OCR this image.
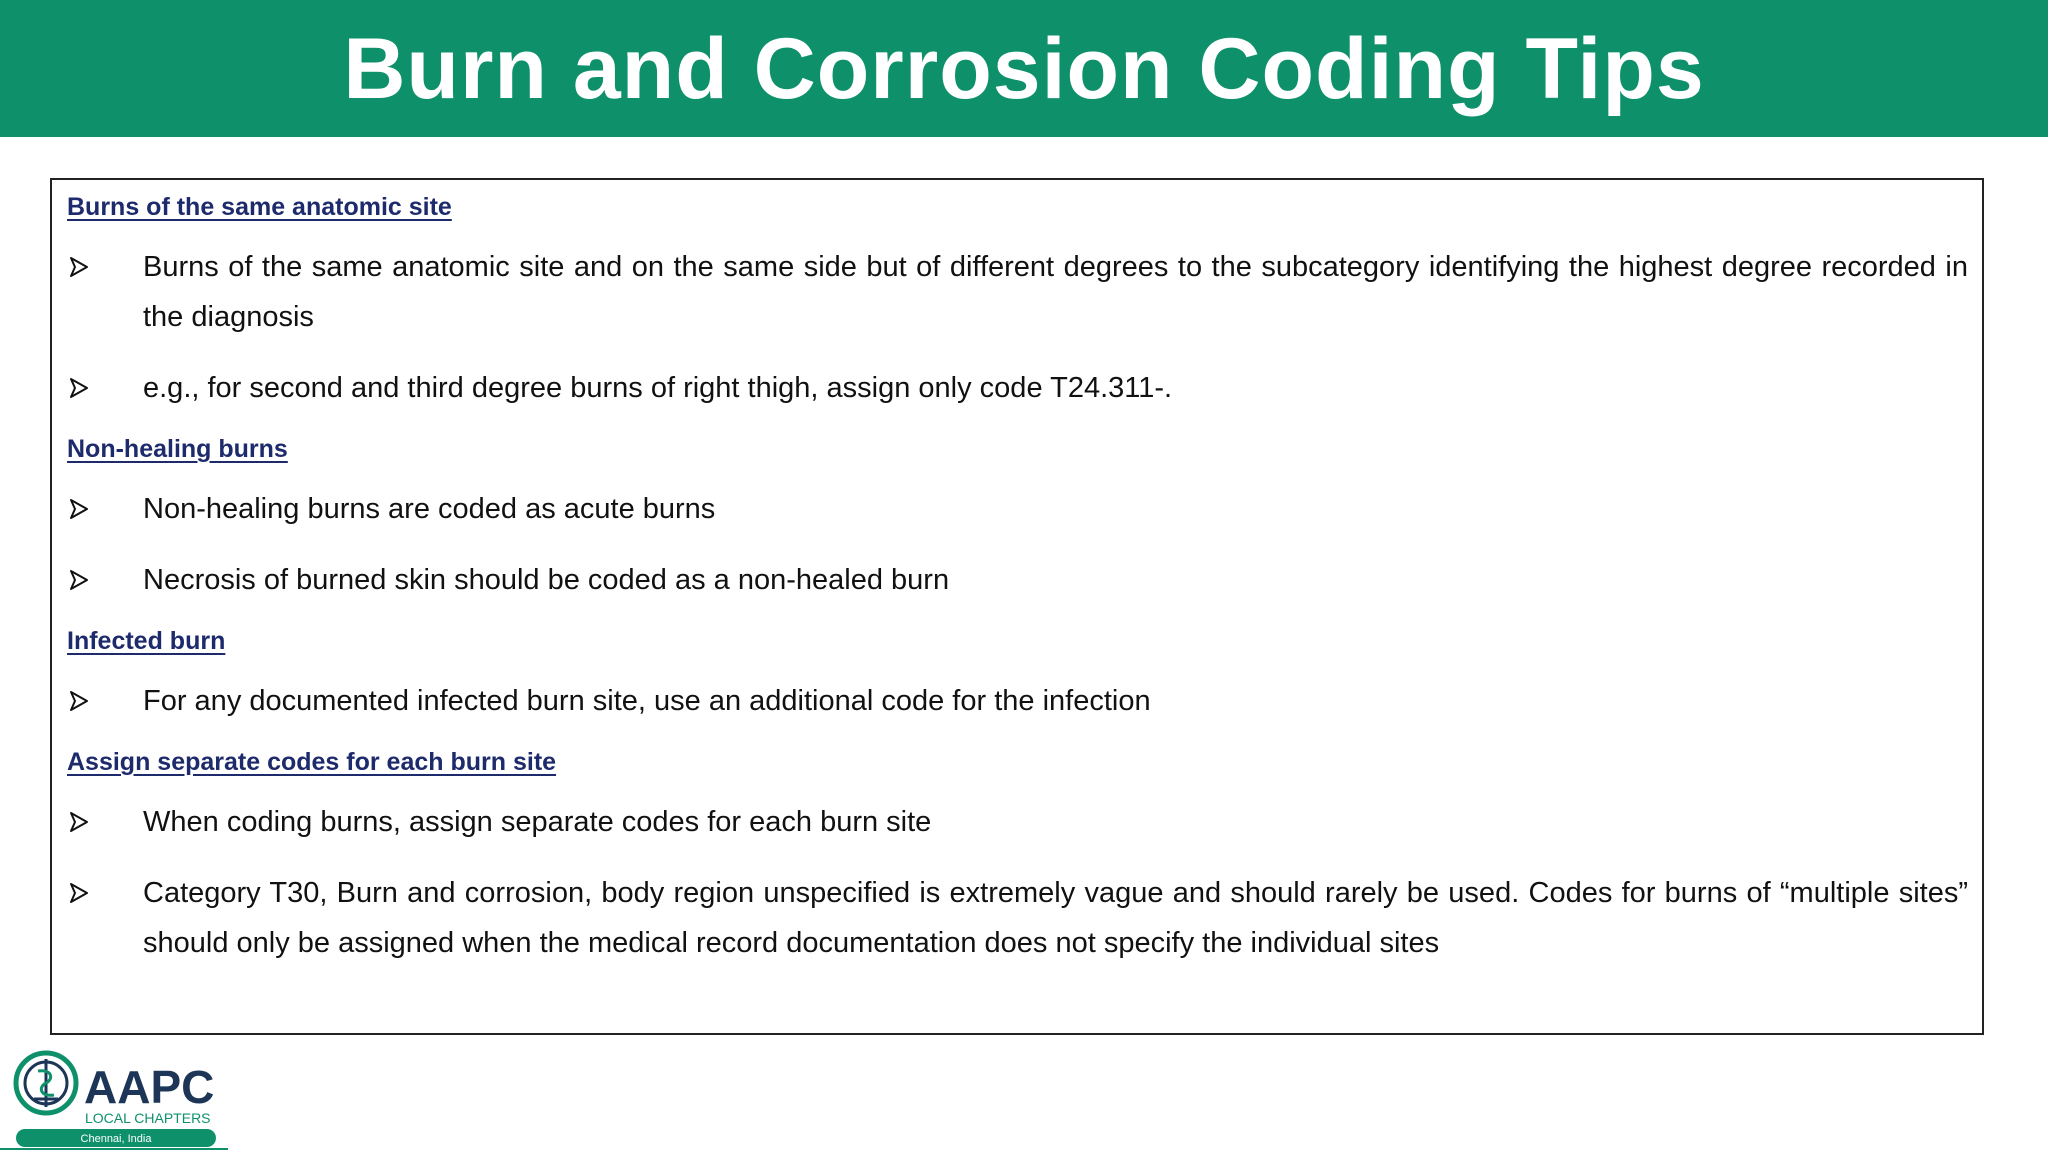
Burn and Corrosion Coding Tips
Burns of the same anatomic site
Burns of the same anatomic site and on the same side but of different degrees to the subcategory identifying the highest degree recorded in the diagnosis
e.g., for second and third degree burns of right thigh, assign only code T24.311-.
Non-healing burns
Non-healing burns are coded as acute burns
Necrosis of burned skin should be coded as a non-healed burn
Infected burn
For any documented infected burn site, use an additional code for the infection
Assign separate codes for each burn site
When coding burns, assign separate codes for each burn site
Category T30, Burn and corrosion, body region unspecified is extremely vague and should rarely be used. Codes for burns of “multiple sites” should only be assigned when the medical record documentation does not specify the individual sites
AAPC
LOCAL CHAPTERS
Chennai, India
